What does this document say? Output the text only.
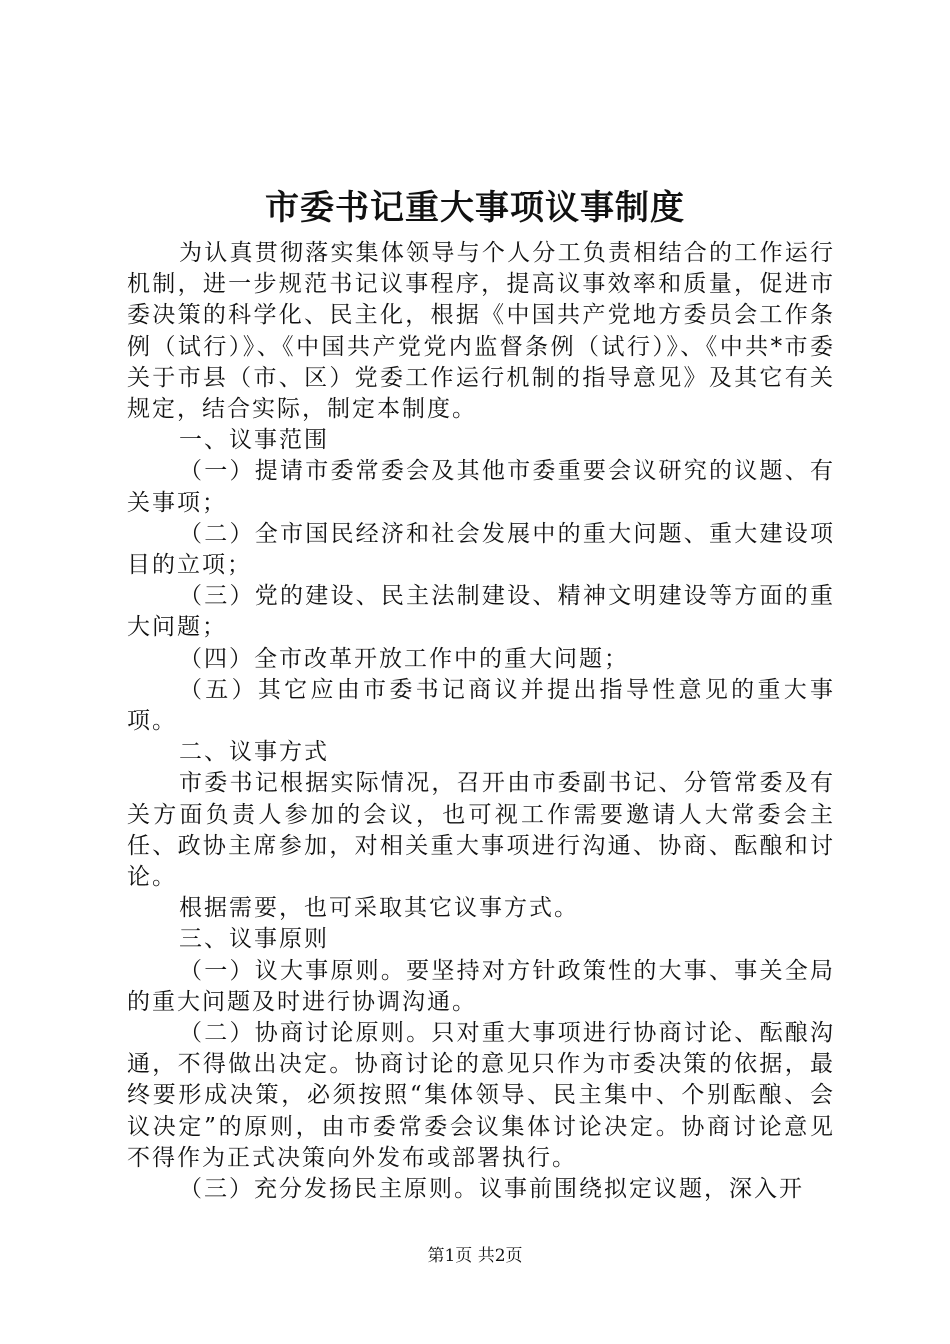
市委书记重大事项议事制度

为认真贯彻落实集体领导与个人分工负责相结合的工作运行机制，进一步规范书记议事程序，提高议事效率和质量，促进市委决策的科学化、民主化，根据《中国共产党地方委员会工作条例（试行）》、《中国共产党党内监督条例（试行）》、《中共*市委关于市县（市、区）党委工作运行机制的指导意见》及其它有关规定，结合实际，制定本制度。

一、议事范围

（一）提请市委常委会及其他市委重要会议研究的议题、有关事项；

（二）全市国民经济和社会发展中的重大问题、重大建设项目的立项；

（三）党的建设、民主法制建设、精神文明建设等方面的重大问题；

（四）全市改革开放工作中的重大问题；

（五）其它应由市委书记商议并提出指导性意见的重大事项。

二、议事方式

市委书记根据实际情况，召开由市委副书记、分管常委及有关方面负责人参加的会议，也可视工作需要邀请人大常委会主任、政协主席参加，对相关重大事项进行沟通、协商、酝酿和讨论。

根据需要，也可采取其它议事方式。

三、议事原则

（一）议大事原则。要坚持对方针政策性的大事、事关全局的重大问题及时进行协调沟通。

（二）协商讨论原则。只对重大事项进行协商讨论、酝酿沟通，不得做出决定。协商讨论的意见只作为市委决策的依据，最终要形成决策，必须按照“集体领导、民主集中、个别酝酿、会议决定”的原则，由市委常委会议集体讨论决定。协商讨论意见不得作为正式决策向外发布或部署执行。

（三）充分发扬民主原则。议事前围绕拟定议题，深入开

第1页 共2页
